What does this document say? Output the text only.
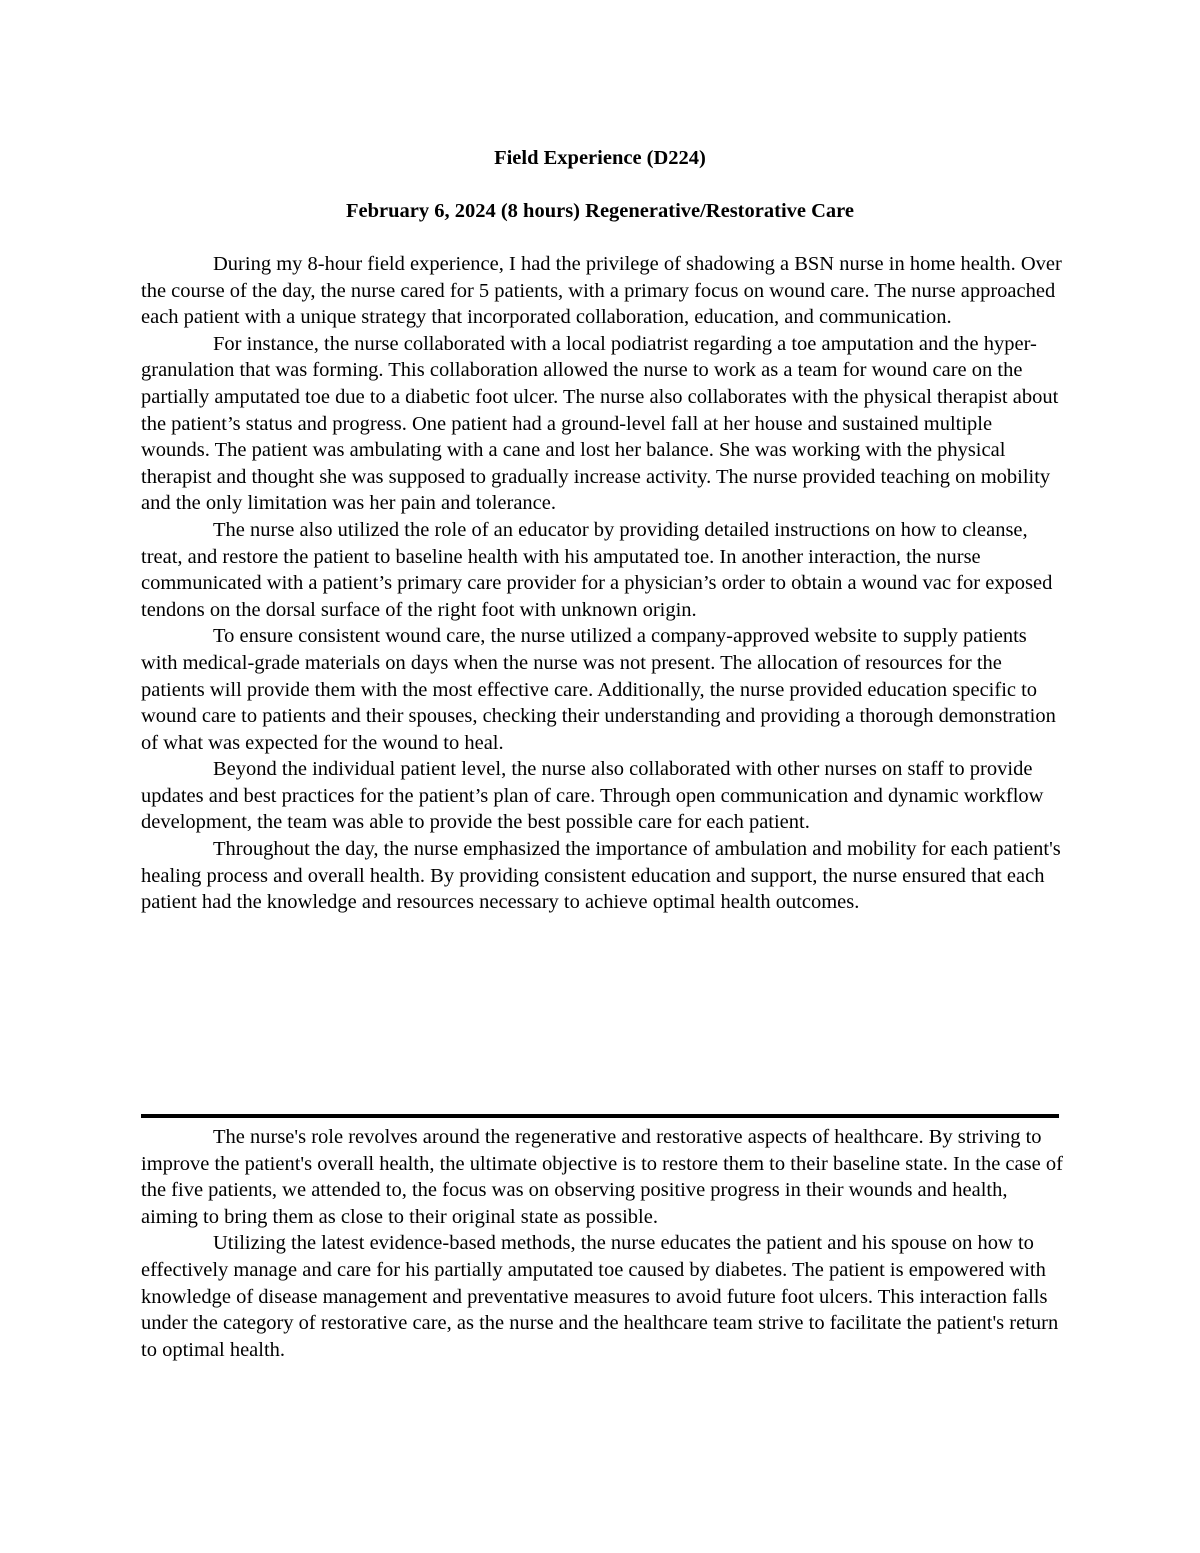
Field Experience (D224)
February 6, 2024 (8 hours) Regenerative/Restorative Care

During my 8-hour field experience, I had the privilege of shadowing a BSN nurse in home health. Over the course of the day, the nurse cared for 5 patients, with a primary focus on wound care. The nurse approached each patient with a unique strategy that incorporated collaboration, education, and communication.

For instance, the nurse collaborated with a local podiatrist regarding a toe amputation and the hyper-granulation that was forming. This collaboration allowed the nurse to work as a team for wound care on the partially amputated toe due to a diabetic foot ulcer. The nurse also collaborates with the physical therapist about the patient’s status and progress. One patient had a ground-level fall at her house and sustained multiple wounds. The patient was ambulating with a cane and lost her balance. She was working with the physical therapist and thought she was supposed to gradually increase activity. The nurse provided teaching on mobility and the only limitation was her pain and tolerance.

The nurse also utilized the role of an educator by providing detailed instructions on how to cleanse, treat, and restore the patient to baseline health with his amputated toe. In another interaction, the nurse communicated with a patient’s primary care provider for a physician’s order to obtain a wound vac for exposed tendons on the dorsal surface of the right foot with unknown origin.

To ensure consistent wound care, the nurse utilized a company-approved website to supply patients with medical-grade materials on days when the nurse was not present. The allocation of resources for the patients will provide them with the most effective care. Additionally, the nurse provided education specific to wound care to patients and their spouses, checking their understanding and providing a thorough demonstration of what was expected for the wound to heal.

Beyond the individual patient level, the nurse also collaborated with other nurses on staff to provide updates and best practices for the patient’s plan of care. Through open communication and dynamic workflow development, the team was able to provide the best possible care for each patient.

Throughout the day, the nurse emphasized the importance of ambulation and mobility for each patient's healing process and overall health. By providing consistent education and support, the nurse ensured that each patient had the knowledge and resources necessary to achieve optimal health outcomes.

The nurse's role revolves around the regenerative and restorative aspects of healthcare. By striving to improve the patient's overall health, the ultimate objective is to restore them to their baseline state. In the case of the five patients, we attended to, the focus was on observing positive progress in their wounds and health, aiming to bring them as close to their original state as possible.

Utilizing the latest evidence-based methods, the nurse educates the patient and his spouse on how to effectively manage and care for his partially amputated toe caused by diabetes. The patient is empowered with knowledge of disease management and preventative measures to avoid future foot ulcers. This interaction falls under the category of restorative care, as the nurse and the healthcare team strive to facilitate the patient's return to optimal health.
